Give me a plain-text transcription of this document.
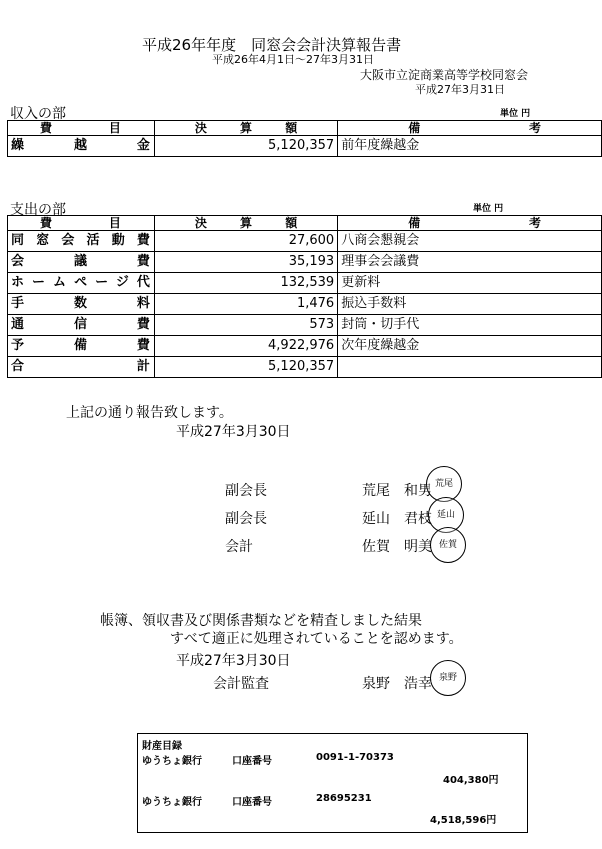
平成26年年度　同窓会会計決算報告書
平成26年4月1日～27年3月31日
大阪市立淀商業高等学校同窓会
平成27年3月31日
収入の部	単位 円
費目	決算額	備考
繰越金	5,120,357	前年度繰越金
支出の部	単位 円
費目	決算額	備考
同窓会活動費	27,600	八商会懇親会
会議費	35,193	理事会会議費
ホームページ代	132,539	更新料
手数料	1,476	振込手数料
通信費	573	封筒・切手代
予備費	4,922,976	次年度繰越金
合計	5,120,357	
上記の通り報告致します。
平成27年3月30日
副会長	荒尾　和男 荒尾
副会長	延山　君枝 延山
会計	佐賀　明美 佐賀
帳簿、領収書及び関係書類などを精査しました結果
すべて適正に処理されていることを認めます。
平成27年3月30日
会計監査	泉野　浩幸 泉野
財産目録
ゆうちょ銀行	口座番号	0091-1-70373
404,380円
ゆうちょ銀行	口座番号	28695231
4,518,596円
